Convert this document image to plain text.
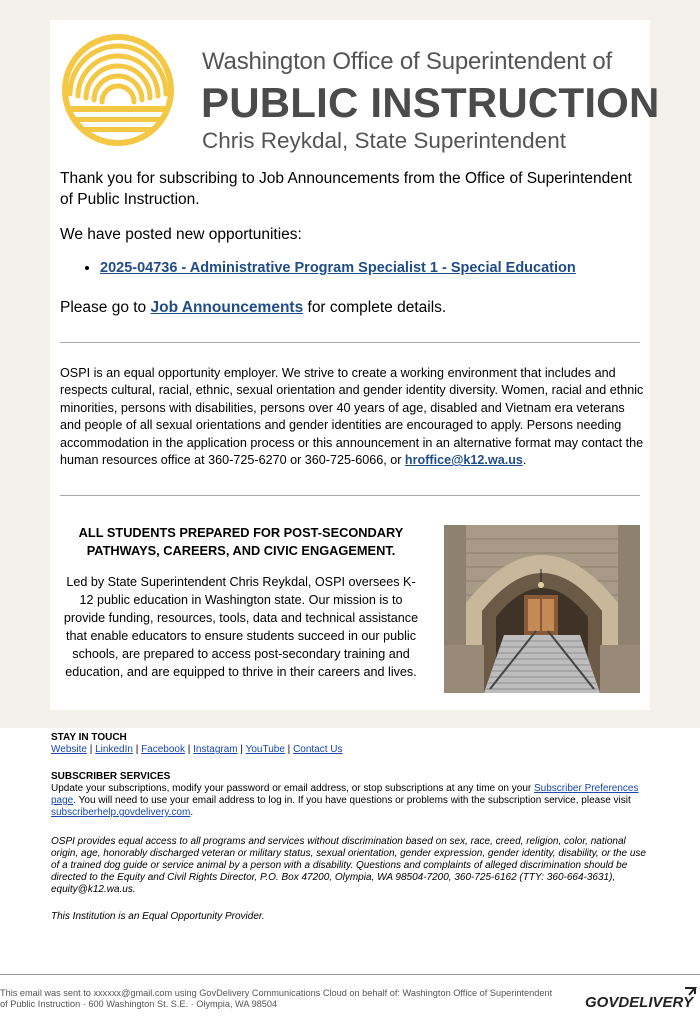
Washington Office of Superintendent of
PUBLIC INSTRUCTION
Chris Reykdal, State Superintendent
Thank you for subscribing to Job Announcements from the Office of Superintendent of Public Instruction.
We have posted new opportunities:
• 2025-04736 - Administrative Program Specialist 1 - Special Education
Please go to Job Announcements for complete details.
OSPI is an equal opportunity employer. We strive to create a working environment that includes and respects cultural, racial, ethnic, sexual orientation and gender identity diversity. Women, racial and ethnic minorities, persons with disabilities, persons over 40 years of age, disabled and Vietnam era veterans and people of all sexual orientations and gender identities are encouraged to apply. Persons needing accommodation in the application process or this announcement in an alternative format may contact the human resources office at 360-725-6270 or 360-725-6066, or hroffice@k12.wa.us.
ALL STUDENTS PREPARED FOR POST-SECONDARY PATHWAYS, CAREERS, AND CIVIC ENGAGEMENT.
Led by State Superintendent Chris Reykdal, OSPI oversees K-12 public education in Washington state. Our mission is to provide funding, resources, tools, data and technical assistance that enable educators to ensure students succeed in our public schools, are prepared to access post-secondary training and education, and are equipped to thrive in their careers and lives.
STAY IN TOUCH
Website | LinkedIn | Facebook | Instagram | YouTube | Contact Us
SUBSCRIBER SERVICES
Update your subscriptions, modify your password or email address, or stop subscriptions at any time on your Subscriber Preferences page. You will need to use your email address to log in. If you have questions or problems with the subscription service, please visit subscriberhelp.govdelivery.com.
OSPI provides equal access to all programs and services without discrimination based on sex, race, creed, religion, color, national origin, age, honorably discharged veteran or military status, sexual orientation, gender expression, gender identity, disability, or the use of a trained dog guide or service animal by a person with a disability. Questions and complaints of alleged discrimination should be directed to the Equity and Civil Rights Director, P.O. Box 47200, Olympia, WA 98504-7200, 360-725-6162 (TTY: 360-664-3631), equity@k12.wa.us.
This Institution is an Equal Opportunity Provider.
This email was sent to xxxxxx@gmail.com using GovDelivery Communications Cloud on behalf of: Washington Office of Superintendent of Public Instruction · 600 Washington St. S.E. · Olympia, WA 98504	GOVDELIVERY
